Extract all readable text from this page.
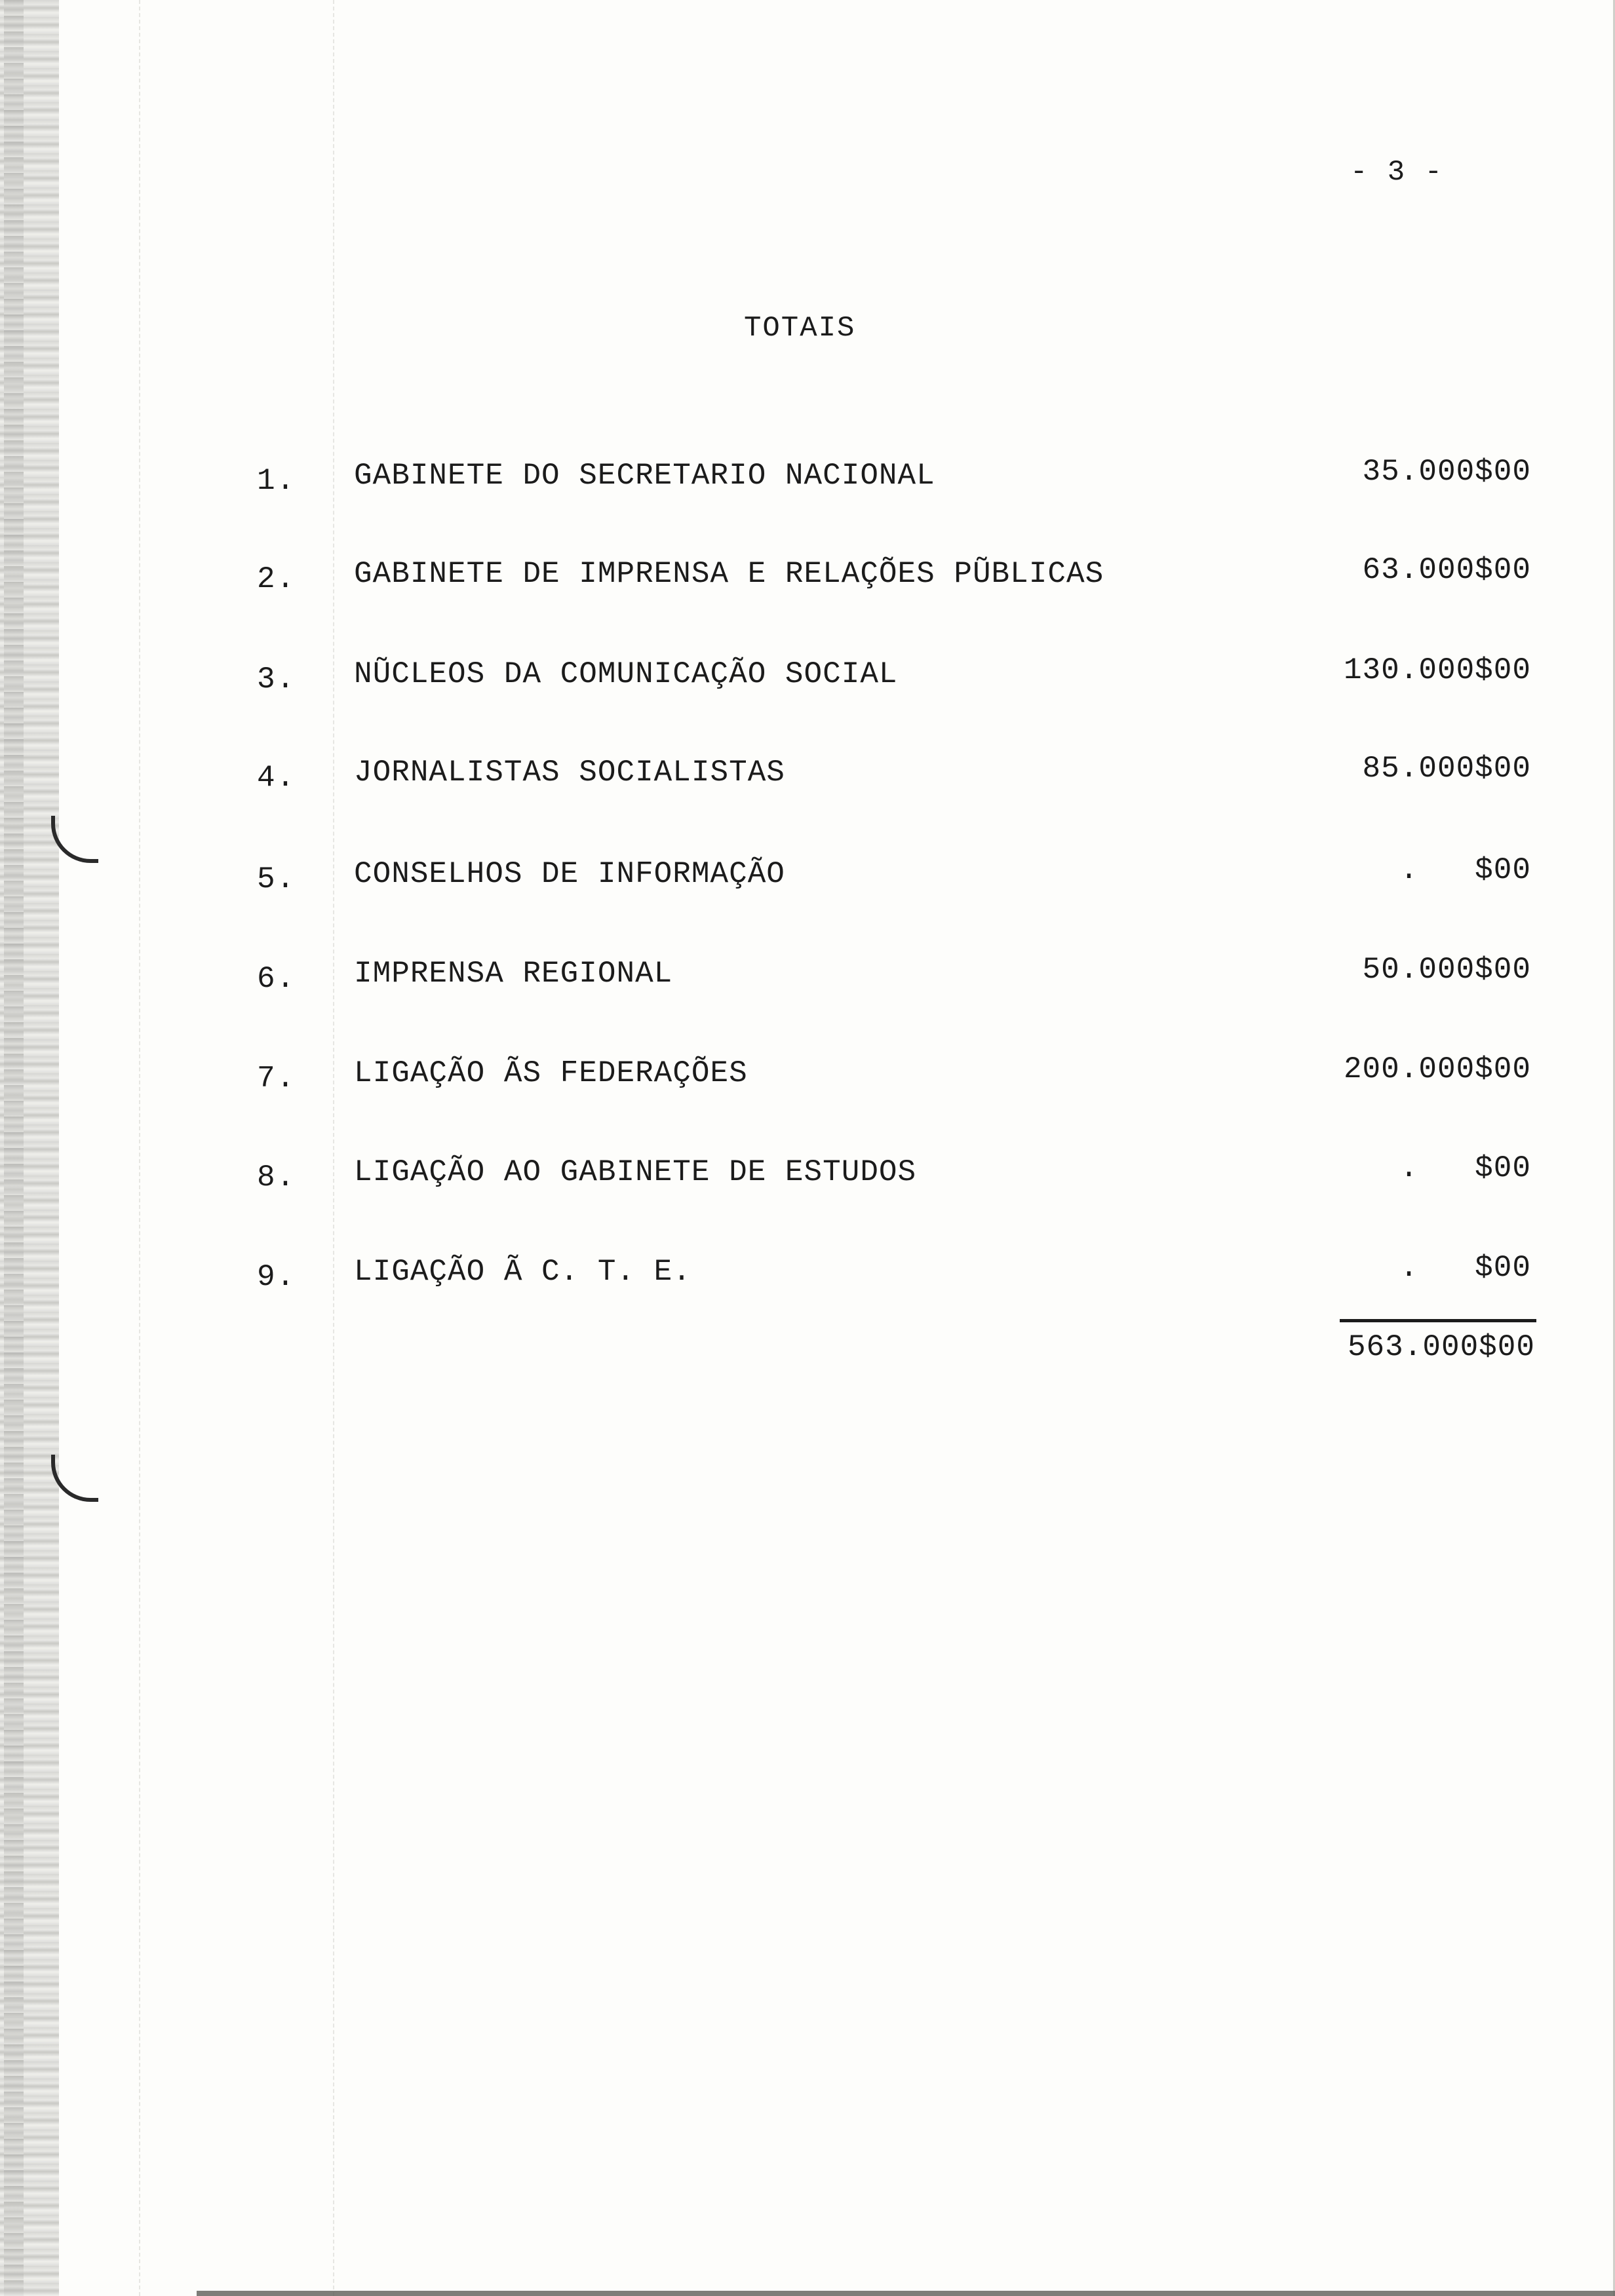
- 3 -
TOTAIS
1. GABINETE DO SECRETARIO NACIONAL	35.000$00
2. GABINETE DE IMPRENSA E RELAÇÕES PŨBLICAS	63.000$00
3. NŨCLEOS DA COMUNICAÇÃO SOCIAL	130.000$00
4. JORNALISTAS SOCIALISTAS	85.000$00
5. CONSELHOS DE INFORMAÇÃO	.   $00
6. IMPRENSA REGIONAL	50.000$00
7. LIGAÇÃO ÃS FEDERAÇÕES	200.000$00
8. LIGAÇÃO AO GABINETE DE ESTUDOS	.   $00
9. LIGAÇÃO Ã C. T. E.	.   $00
563.000$00
